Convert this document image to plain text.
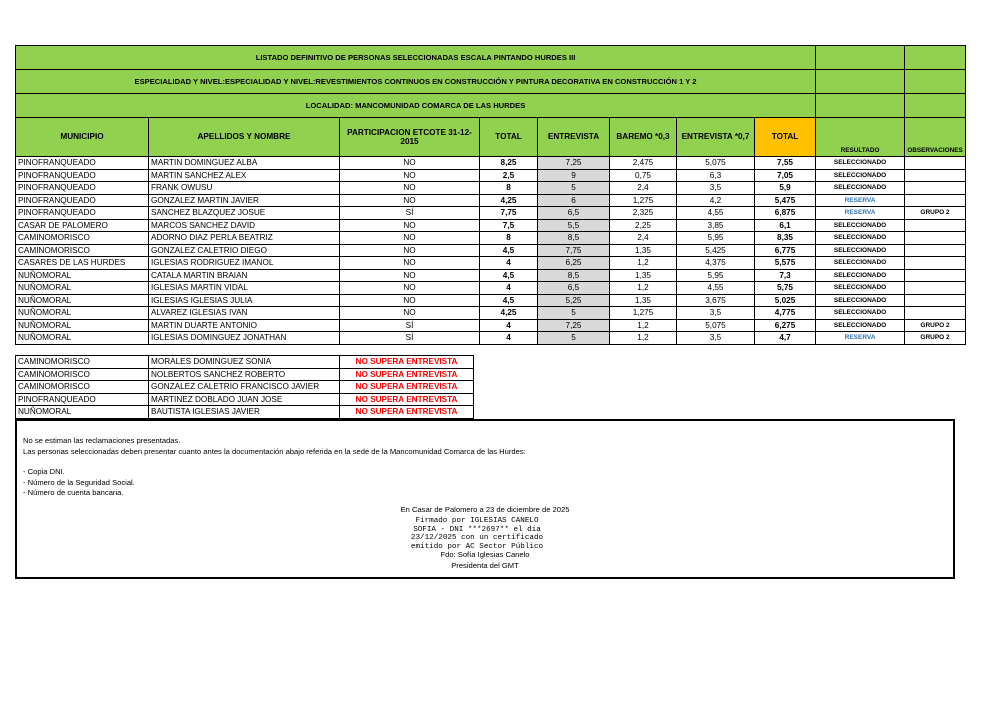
LISTADO DEFINITIVO DE PERSONAS SELECCIONADAS ESCALA PINTANDO HURDES III									
ESPECIALIDAD Y NIVEL:ESPECIALIDAD Y NIVEL:REVESTIMIENTOS CONTINUOS EN CONSTRUCCIÓN Y PINTURA DECORATIVA EN CONSTRUCCIÓN 1 Y 2									
LOCALIDAD: MANCOMUNIDAD COMARCA DE LAS HURDES									
MUNICIPIO	APELLIDOS Y NOMBRE	PARTICIPACION ETCOTE 31-12-2015	TOTAL	ENTREVISTA	BAREMO *0,3	ENTREVISTA *0,7	TOTAL	RESULTADO	OBSERVACIONES
PINOFRANQUEADO	MARTIN DOMINGUEZ ALBA	NO	8,25	7,25	2,475	5,075	7,55	SELECCIONADO	
PINOFRANQUEADO	MARTIN SANCHEZ ALEX	NO	2,5	9	0,75	6,3	7,05	SELECCIONADO	
PINOFRANQUEADO	FRANK OWUSU	NO	8	5	2,4	3,5	5,9	SELECCIONADO	
PINOFRANQUEADO	GONZALEZ MARTIN JAVIER	NO	4,25	6	1,275	4,2	5,475	RESERVA	
PINOFRANQUEADO	SANCHEZ BLAZQUEZ JOSUE	SÍ	7,75	6,5	2,325	4,55	6,875	RESERVA	GRUPO 2
CASAR DE PALOMERO	MARCOS SANCHEZ DAVID	NO	7,5	5,5	2,25	3,85	6,1	SELECCIONADO	
CAMINOMORISCO	ADORNO DIAZ PERLA BEATRIZ	NO	8	8,5	2,4	5,95	8,35	SELECCIONADO	
CAMINOMORISCO	GONZALEZ CALETRIO DIEGO	NO	4,5	7,75	1,35	5,425	6,775	SELECCIONADO	
CASARES DE LAS HURDES	IGLESIAS RODRIGUEZ IMANOL	NO	4	6,25	1,2	4,375	5,575	SELECCIONADO	
NUÑOMORAL	CATALA MARTIN BRAIAN	NO	4,5	8,5	1,35	5,95	7,3	SELECCIONADO	
NUÑOMORAL	IGLESIAS MARTIN VIDAL	NO	4	6,5	1,2	4,55	5,75	SELECCIONADO	
NUÑOMORAL	IGLESIAS IGLESIAS JULIA	NO	4,5	5,25	1,35	3,675	5,025	SELECCIONADO	
NUÑOMORAL	ALVAREZ IGLESIAS IVAN	NO	4,25	5	1,275	3,5	4,775	SELECCIONADO	
NUÑOMORAL	MARTIN DUARTE ANTONIO	SÍ	4	7,25	1,2	5,075	6,275	SELECCIONADO	GRUPO 2
NUÑOMORAL	IGLESIAS DOMINGUEZ JONATHAN	SÍ	4	5	1,2	3,5	4,7	RESERVA	GRUPO 2
CAMINOMORISCO	MORALES DOMINGUEZ SONIA	NO SUPERA ENTREVISTA
CAMINOMORISCO	NOLBERTOS SANCHEZ ROBERTO	NO SUPERA ENTREVISTA
CAMINOMORISCO	GONZALEZ CALETRIO FRANCISCO JAVIER	NO SUPERA ENTREVISTA
PINOFRANQUEADO	MARTINEZ DOBLADO JUAN JOSE	NO SUPERA ENTREVISTA
NUÑOMORAL	BAUTISTA IGLESIAS JAVIER	NO SUPERA ENTREVISTA

No se estiman las reclamaciones presentadas.

Las personas seleccionadas deben presentar cuanto antes la documentación abajo referida en la sede de la Mancomunidad Comarca de las Hurdes:

- Copia DNI.

- Número de la Seguridad Social.

- Número de cuenta bancaria.

En Casar de Palomero a 23 de diciembre de 2025
Firmado por IGLESIAS CANELO
SOFIA - DNI ***2697** el día
23/12/2025 con un certificado
emitido por AC Sector Público
Fdo: Sofía Iglesias Canelo
Presidenta del GMT
